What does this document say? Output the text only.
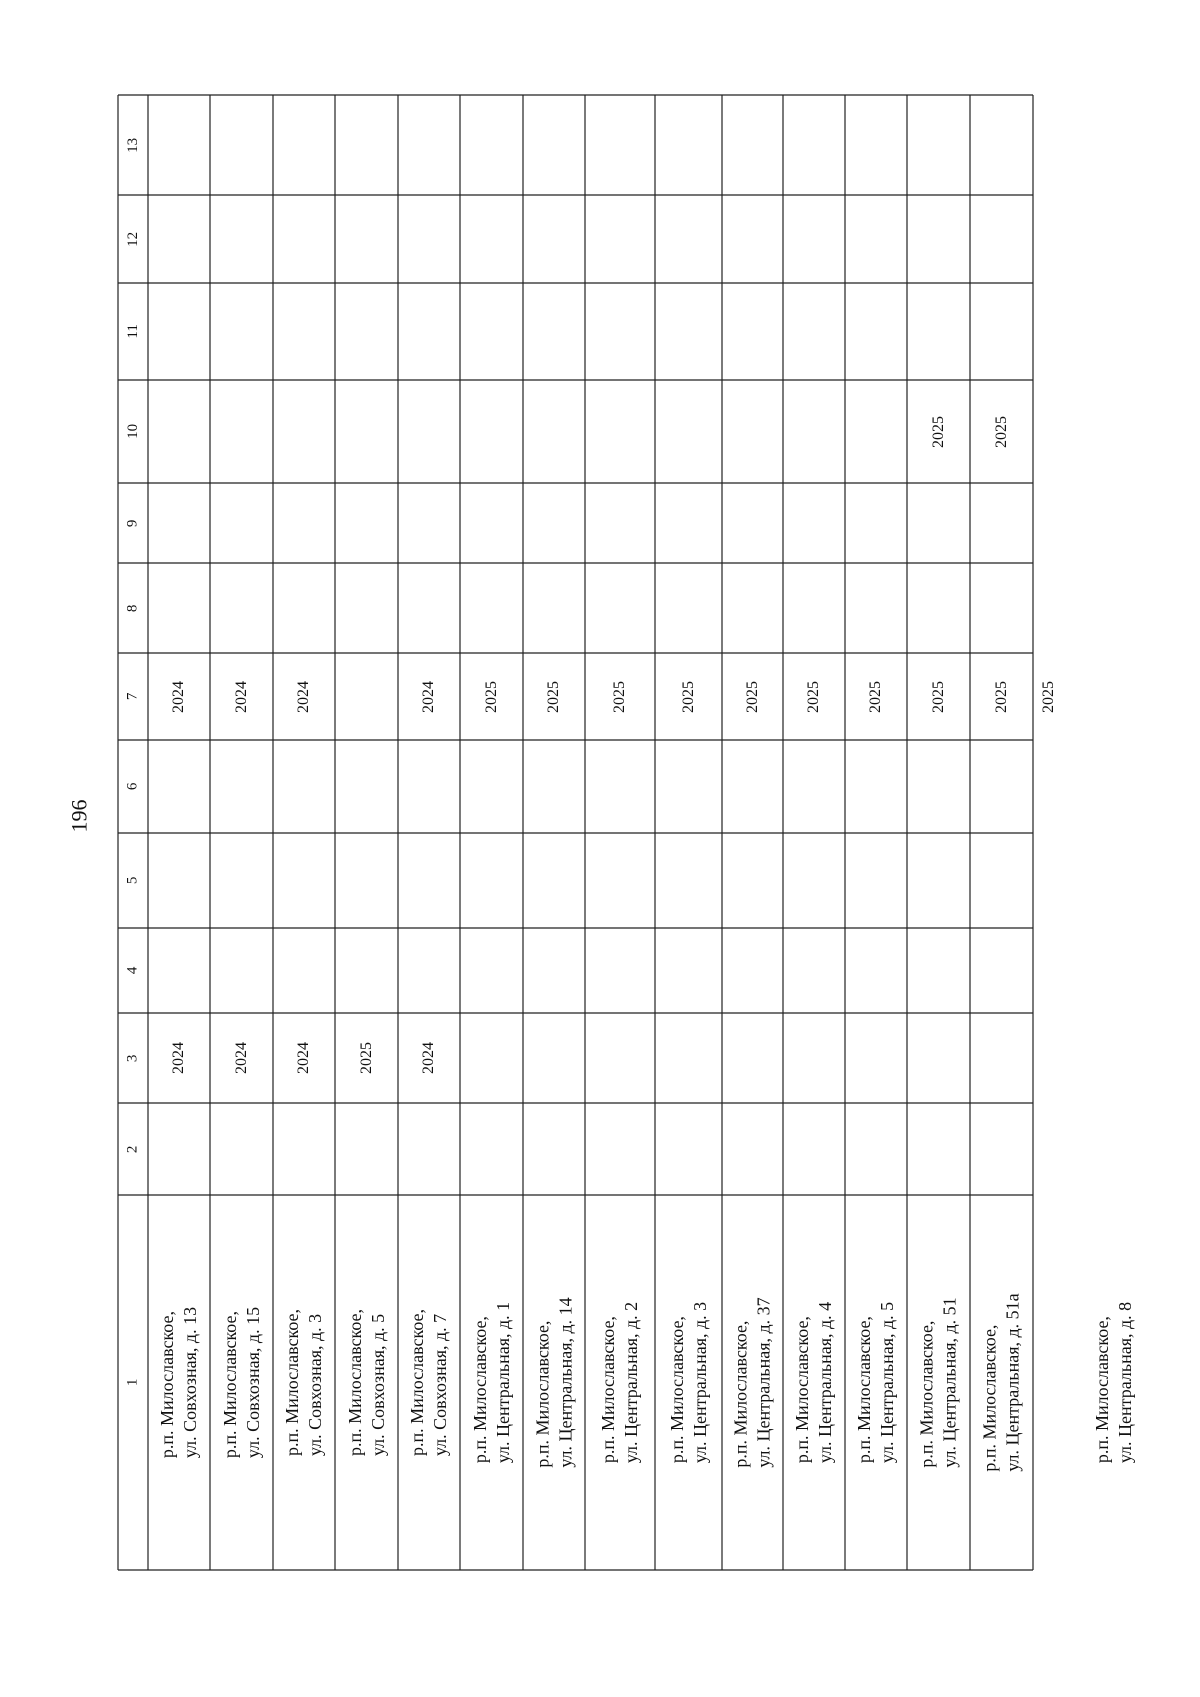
196
1
2
3
4
5
6
7
8
9
10
11
12
13
р.п. Милославское, ул. Совхозная, д. 13
2024
2024
р.п. Милославское, ул. Совхозная, д. 15
2024
2024
р.п. Милославское, ул. Совхозная, д. 3
2024
2024
р.п. Милославское, ул. Совхозная, д. 5
2025
р.п. Милославское, ул. Совхозная, д. 7
2024
2024
р.п. Милославское, ул. Центральная, д. 1
2025
р.п. Милославское, ул. Центральная, д. 14
2025
р.п. Милославское, ул. Центральная, д. 2
2025
р.п. Милославское, ул. Центральная, д. 3
2025
р.п. Милославское, ул. Центральная, д. 37
2025
р.п. Милославское, ул. Центральная, д. 4
2025
р.п. Милославское, ул. Центральная, д. 5
2025
р.п. Милославское, ул. Центральная, д. 51
2025
2025
р.п. Милославское, ул. Центральная, д. 51а
2025
2025
р.п. Милославское, ул. Центральная, д. 8
2025
